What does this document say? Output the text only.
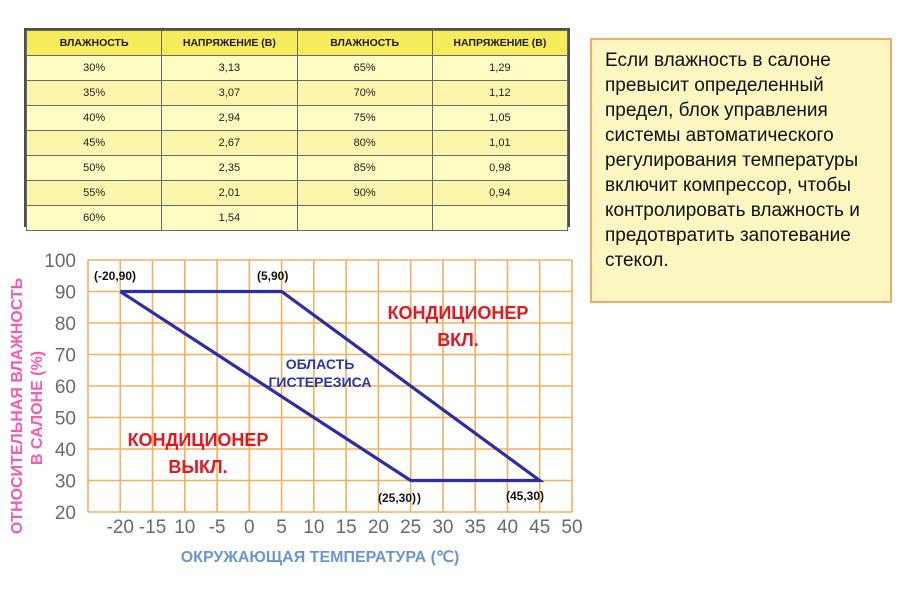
ВЛАЖНОСТЬ	НАПРЯЖЕНИЕ (В)	ВЛАЖНОСТЬ	НАПРЯЖЕНИЕ (В)
30%	3,13	65%	1,29
35%	3,07	70%	1,12
40%	2,94	75%	1,05
45%	2,67	80%	1,01
50%	2,35	85%	0,98
55%	2,01	90%	0,94
60%	1,54		

Если влажность в салоне превысит определенный предел, блок управления системы автоматического регулирования температуры включит компрессор, чтобы контролировать влажность и предотвратить запотевание стекол.

20
30
40
50
60
70
80
90
100
-20 -15 10 -5 0 5 10 15 20 25 30 35 40 45 50
(-20,90)	(5,90)
(25,30)	(45,30)
)
КОНДИЦИОНЕР
ВКЛ.
КОНДИЦИОНЕР
ВЫКЛ.
ОБЛАСТЬ
ГИСТЕРЕЗИСА
ОКРУЖАЮЩАЯ ТЕМПЕРАТУРА (℃)
ОТНОСИТЕЛЬНАЯ ВЛАЖНОСТЬ В САЛОНЕ (%)
